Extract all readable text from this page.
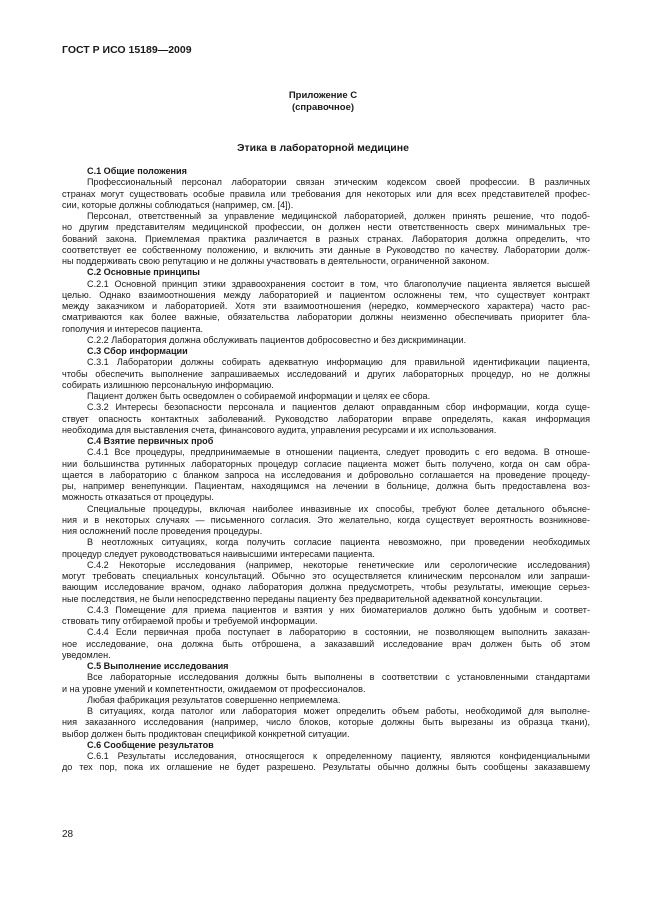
ГОСТ Р ИСО 15189—2009
Приложение С
(справочное)
Этика в лабораторной медицине
С.1 Общие положения
Профессиональный персонал лаборатории связан этическим кодексом своей профессии. В различных
странах могут существовать особые правила или требования для некоторых или для всех представителей профес-
сии, которые должны соблюдаться (например, см. [4]).
Персонал, ответственный за управление медицинской лабораторией, должен принять решение, что подоб-
но другим представителям медицинской профессии, он должен нести ответственность сверх минимальных тре-
бований закона. Приемлемая практика различается в разных странах. Лаборатория должна определить, что
соответствует ее собственному положению, и включить эти данные в Руководство по качеству. Лаборатории долж-
ны поддерживать свою репутацию и не должны участвовать в деятельности, ограниченной законом.
С.2 Основные принципы
С.2.1 Основной принцип этики здравоохранения состоит в том, что благополучие пациента является высшей
целью. Однако взаимоотношения между лабораторией и пациентом осложнены тем, что существует контракт
между заказчиком и лабораторией. Хотя эти взаимоотношения (нередко, коммерческого характера) часто рас-
сматриваются как более важные, обязательства лаборатории должны неизменно обеспечивать приоритет бла-
гополучия и интересов пациента.
С.2.2 Лаборатория должна обслуживать пациентов добросовестно и без дискриминации.
С.3 Сбор информации
С.3.1 Лаборатории должны собирать адекватную информацию для правильной идентификации пациента,
чтобы обеспечить выполнение запрашиваемых исследований и других лабораторных процедур, но не должны
собирать излишнюю персональную информацию.
Пациент должен быть осведомлен о собираемой информации и целях ее сбора.
С.3.2 Интересы безопасности персонала и пациентов делают оправданным сбор информации, когда суще-
ствует опасность контактных заболеваний. Руководство лаборатории вправе определять, какая информация
необходима для выставления счета, финансового аудита, управления ресурсами и их использования.
С.4 Взятие первичных проб
С.4.1 Все процедуры, предпринимаемые в отношении пациента, следует проводить с его ведома. В отноше-
нии большинства рутинных лабораторных процедур согласие пациента может быть получено, когда он сам обра-
щается в лабораторию с бланком запроса на исследования и добровольно соглашается на проведение процеду-
ры, например венепункции. Пациентам, находящимся на лечении в больнице, должна быть предоставлена воз-
можность отказаться от процедуры.
Специальные процедуры, включая наиболее инвазивные их способы, требуют более детального объясне-
ния и в некоторых случаях — письменного согласия. Это желательно, когда существует вероятность возникнове-
ния осложнений после проведения процедуры.
В неотложных ситуациях, когда получить согласие пациента невозможно, при проведении необходимых
процедур следует руководствоваться наивысшими интересами пациента.
С.4.2 Некоторые исследования (например, некоторые генетические или серологические исследования)
могут требовать специальных консультаций. Обычно это осуществляется клиническим персоналом или запраши-
вающим исследование врачом, однако лаборатория должна предусмотреть, чтобы результаты, имеющие серьез-
ные последствия, не были непосредственно переданы пациенту без предварительной адекватной консультации.
С.4.3 Помещение для приема пациентов и взятия у них биоматериалов должно быть удобным и соответ-
ствовать типу отбираемой пробы и требуемой информации.
С.4.4 Если первичная проба поступает в лабораторию в состоянии, не позволяющем выполнить заказан-
ное исследование, она должна быть отброшена, а заказавший исследование врач должен быть об этом
уведомлен.
С.5 Выполнение исследования
Все лабораторные исследования должны быть выполнены в соответствии с установленными стандартами
и на уровне умений и компетентности, ожидаемом от профессионалов.
Любая фабрикация результатов совершенно неприемлема.
В ситуациях, когда патолог или лаборатория может определить объем работы, необходимой для выполне-
ния заказанного исследования (например, число блоков, которые должны быть вырезаны из образца ткани),
выбор должен быть продиктован спецификой конкретной ситуации.
С.6 Сообщение результатов
С.6.1 Результаты исследования, относящегося к определенному пациенту, являются конфиденциальными
до тех пор, пока их оглашение не будет разрешено. Результаты обычно должны быть сообщены заказавшему
28
